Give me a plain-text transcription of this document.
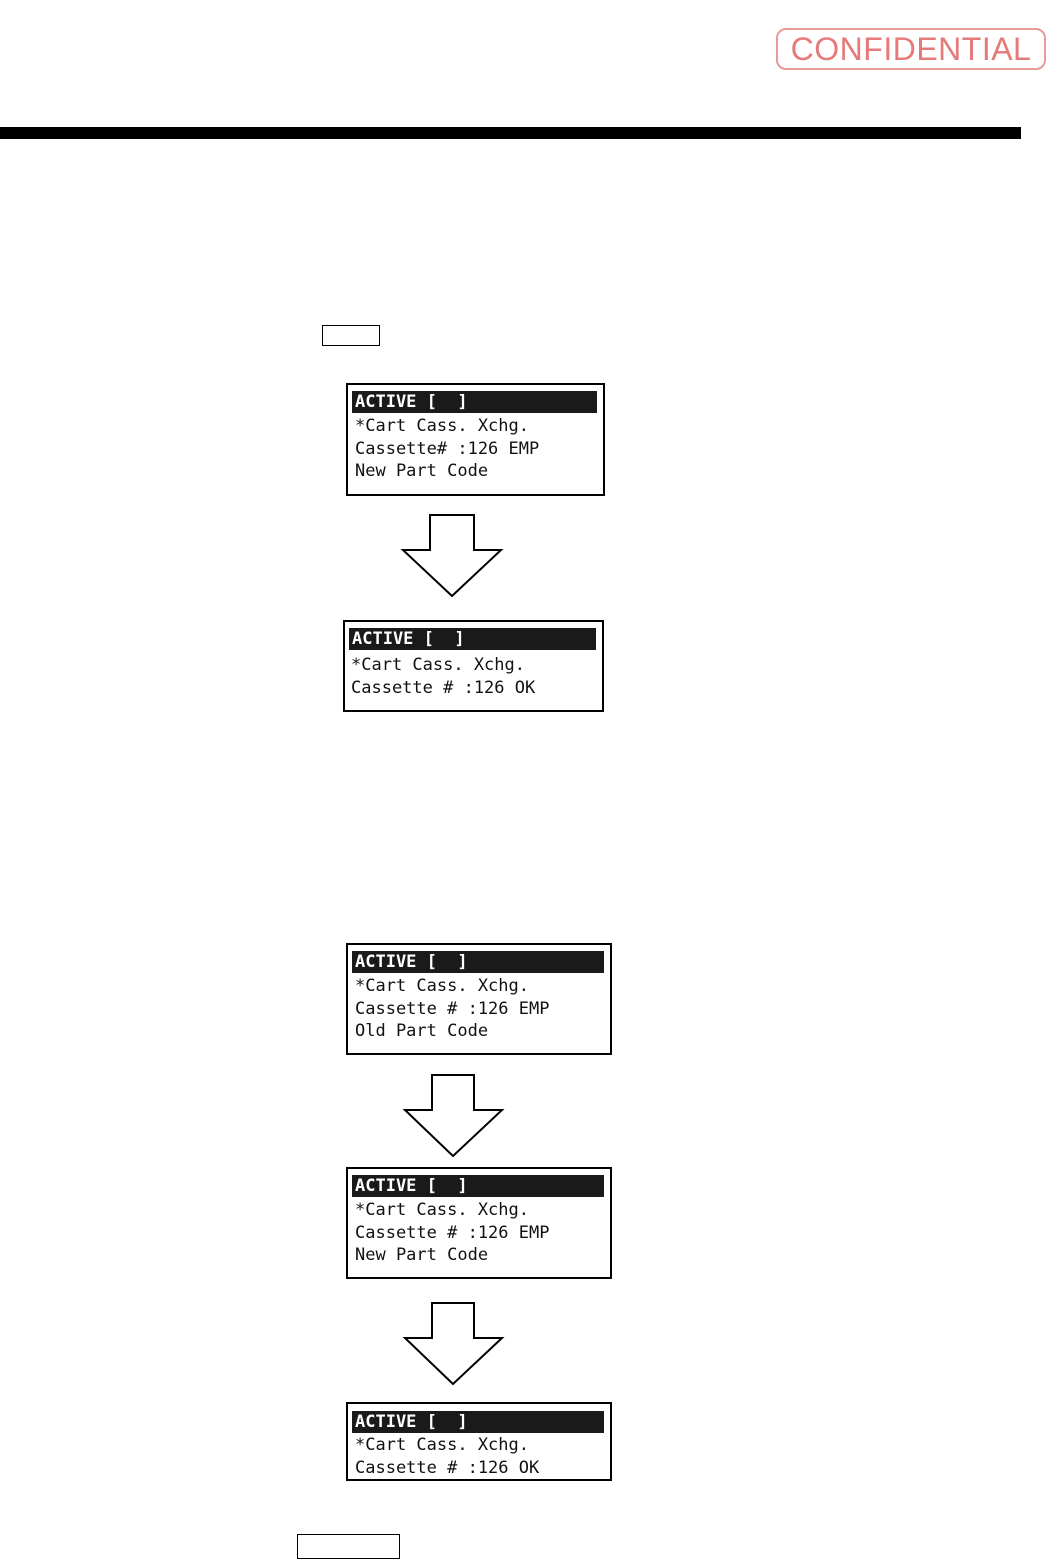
CONFIDENTIAL
ACTIVE [  ]
*Cart Cass. Xchg.
Cassette# :126 EMP
New Part Code
ACTIVE [  ]
*Cart Cass. Xchg.
Cassette # :126 OK
ACTIVE [  ]
*Cart Cass. Xchg.
Cassette # :126 EMP
Old Part Code
ACTIVE [  ]
*Cart Cass. Xchg.
Cassette # :126 EMP
New Part Code
ACTIVE [  ]
*Cart Cass. Xchg.
Cassette # :126 OK
